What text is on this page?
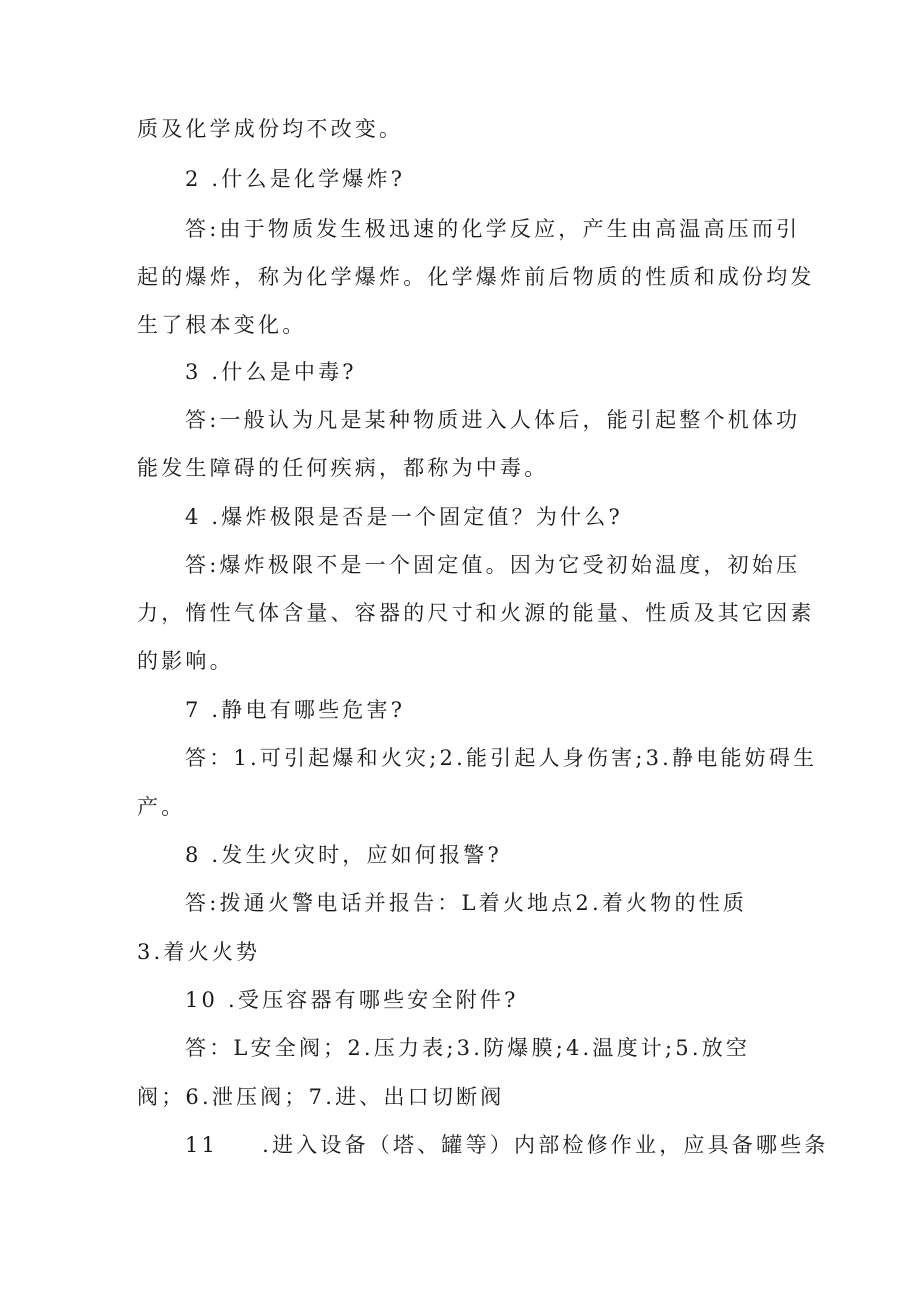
质及化学成份均不改变。
2 .什么是化学爆炸?
答:由于物质发生极迅速的化学反应，产生由高温高压而引
起的爆炸，称为化学爆炸。化学爆炸前后物质的性质和成份均发
生了根本变化。
3 .什么是中毒?
答:一般认为凡是某种物质进入人体后，能引起整个机体功
能发生障碍的任何疾病，都称为中毒。
4 .爆炸极限是否是一个固定值？为什么?
答:爆炸极限不是一个固定值。因为它受初始温度，初始压
力，惰性气体含量、容器的尺寸和火源的能量、性质及其它因素
的影响。
7 .静电有哪些危害?
答：1.可引起爆和火灾;2.能引起人身伤害;3.静电能妨碍生
产。
8 .发生火灾时，应如何报警?
答:拨通火警电话并报告：L着火地点2.着火物的性质
3.着火火势
10 .受压容器有哪些安全附件?
答：L安全阀；2.压力表;3.防爆膜;4.温度计;5.放空
阀；6.泄压阀；7.进、出口切断阀
11 .进入设备（塔、罐等）内部检修作业，应具备哪些条
